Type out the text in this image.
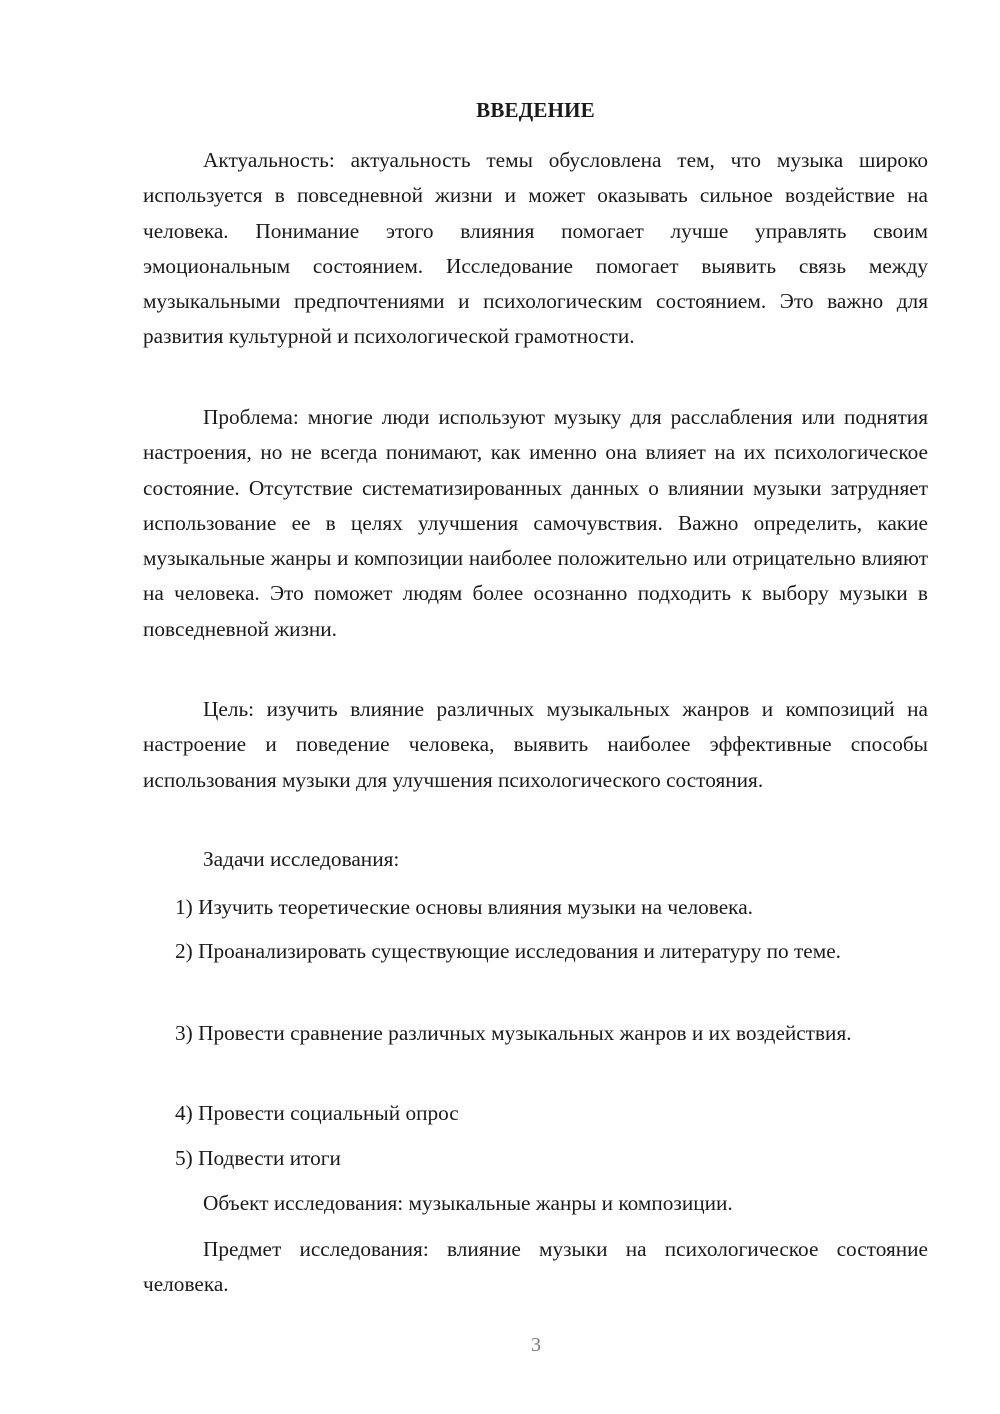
ВВЕДЕНИЕ

Актуальность: актуальность темы обусловлена тем, что музыка широко используется в повседневной жизни и может оказывать сильное воздействие на человека. Понимание этого влияния помогает лучше управлять своим эмоциональным состоянием. Исследование помогает выявить связь между музыкальными предпочтениями и психологическим состоянием. Это важно для развития культурной и психологической грамотности.

Проблема: многие люди используют музыку для расслабления или поднятия настроения, но не всегда понимают, как именно она влияет на их психологическое состояние. Отсутствие систематизированных данных о влиянии музыки затрудняет использование ее в целях улучшения самочувствия. Важно определить, какие музыкальные жанры и композиции наиболее положительно или отрицательно влияют на человека. Это поможет людям более осознанно подходить к выбору музыки в повседневной жизни.

Цель: изучить влияние различных музыкальных жанров и композиций на настроение и поведение человека, выявить наиболее эффективные способы использования музыки для улучшения психологического состояния.

Задачи исследования:

1) Изучить теоретические основы влияния музыки на человека.

2) Проанализировать существующие исследования и литературу по теме.

3) Провести сравнение различных музыкальных жанров и их воздействия.

4) Провести социальный опрос

5) Подвести итоги

Объект исследования: музыкальные жанры и композиции.

Предмет исследования: влияние музыки на психологическое состояние человека.

3
